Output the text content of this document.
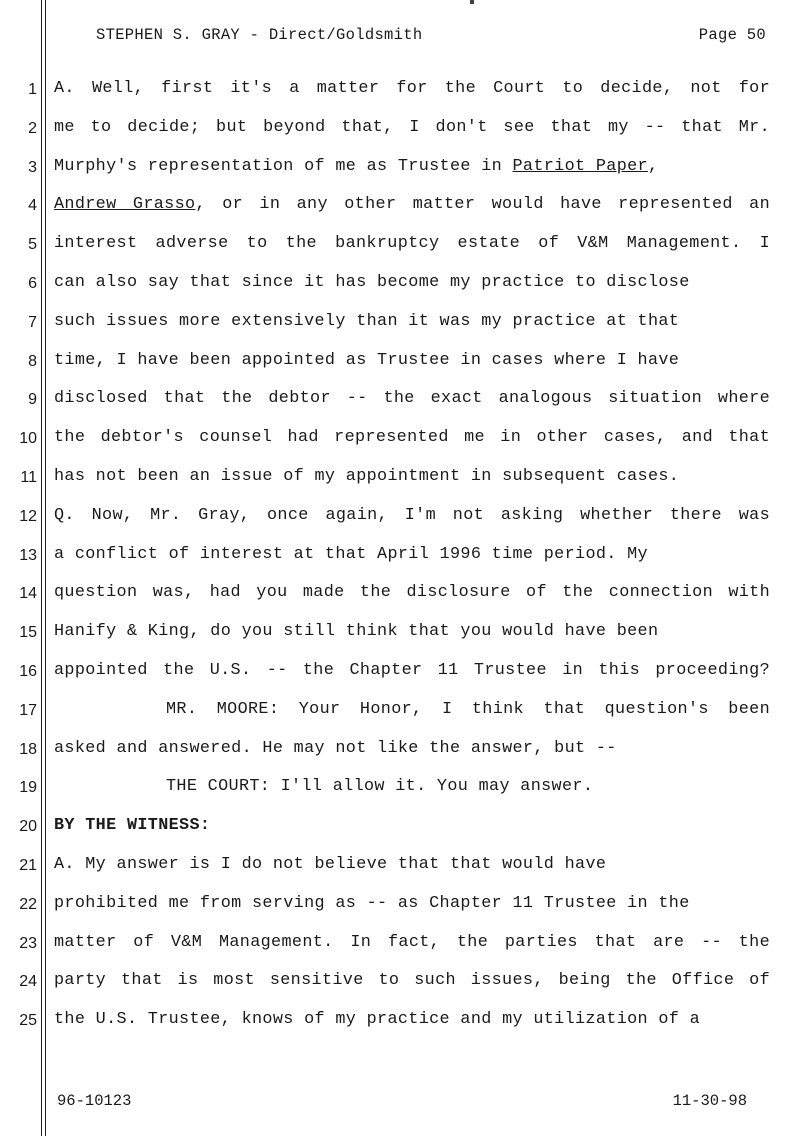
STEPHEN S. GRAY - Direct/Goldsmith	Page 50
1 A. Well, first it's a matter for the Court to decide, not for
2 me to decide; but beyond that, I don't see that my -- that Mr.
3 Murphy's representation of me as Trustee in Patriot Paper,
4 Andrew Grasso, or in any other matter would have represented an
5 interest adverse to the bankruptcy estate of V&M Management. I
6 can also say that since it has become my practice to disclose
7 such issues more extensively than it was my practice at that
8 time, I have been appointed as Trustee in cases where I have
9 disclosed that the debtor -- the exact analogous situation where
10 the debtor's counsel had represented me in other cases, and that
11 has not been an issue of my appointment in subsequent cases.
12 Q. Now, Mr. Gray, once again, I'm not asking whether there was
13 a conflict of interest at that April 1996 time period. My
14 question was, had you made the disclosure of the connection with
15 Hanify & King, do you still think that you would have been
16 appointed the U.S. -- the Chapter 11 Trustee in this proceeding?
17	MR. MOORE: Your Honor, I think that question's been
18 asked and answered. He may not like the answer, but --
19	THE COURT: I'll allow it. You may answer.
20 BY THE WITNESS:
21 A. My answer is I do not believe that that would have
22 prohibited me from serving as -- as Chapter 11 Trustee in the
23 matter of V&M Management. In fact, the parties that are -- the
24 party that is most sensitive to such issues, being the Office of
25 the U.S. Trustee, knows of my practice and my utilization of a
96-10123	11-30-98
